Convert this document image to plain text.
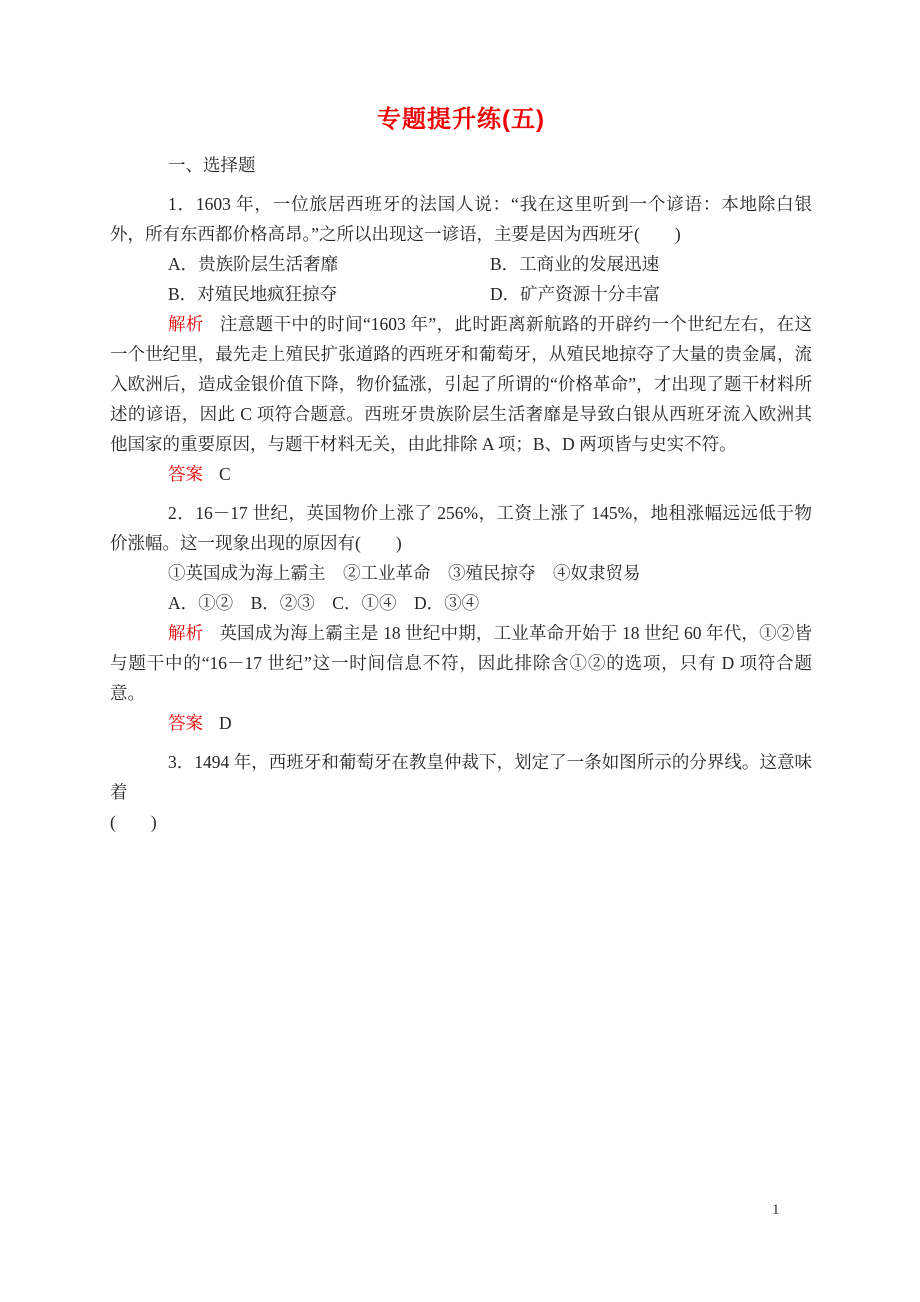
专题提升练(五)

一、选择题

1．1603 年，一位旅居西班牙的法国人说：“我在这里听到一个谚语：本地除白银外，所有东西都价格高昂。”之所以出现这一谚语，主要是因为西班牙(　　)

A．贵族阶层生活奢靡	B．工商业的发展迅速
B．对殖民地疯狂掠夺	D．矿产资源十分丰富

解析 注意题干中的时间“1603 年”，此时距离新航路的开辟约一个世纪左右，在这一个世纪里，最先走上殖民扩张道路的西班牙和葡萄牙，从殖民地掠夺了大量的贵金属，流入欧洲后，造成金银价值下降，物价猛涨，引起了所谓的“价格革命”，才出现了题干材料所述的谚语，因此 C 项符合题意。西班牙贵族阶层生活奢靡是导致白银从西班牙流入欧洲其他国家的重要原因，与题干材料无关，由此排除 A 项；B、D 两项皆与史实不符。

答案 C

2．16－17 世纪，英国物价上涨了 256%，工资上涨了 145%，地租涨幅远远低于物价涨幅。这一现象出现的原因有(　　)

①英国成为海上霸主　②工业革命　③殖民掠夺　④奴隶贸易

A．①②　B．②③　C．①④　D．③④

解析 英国成为海上霸主是 18 世纪中期，工业革命开始于 18 世纪 60 年代，①②皆与题干中的“16－17 世纪”这一时间信息不符，因此排除含①②的选项，只有 D 项符合题意。

答案 D

3．1494 年，西班牙和葡萄牙在教皇仲裁下，划定了一条如图所示的分界线。这意味着

(　　)

1
